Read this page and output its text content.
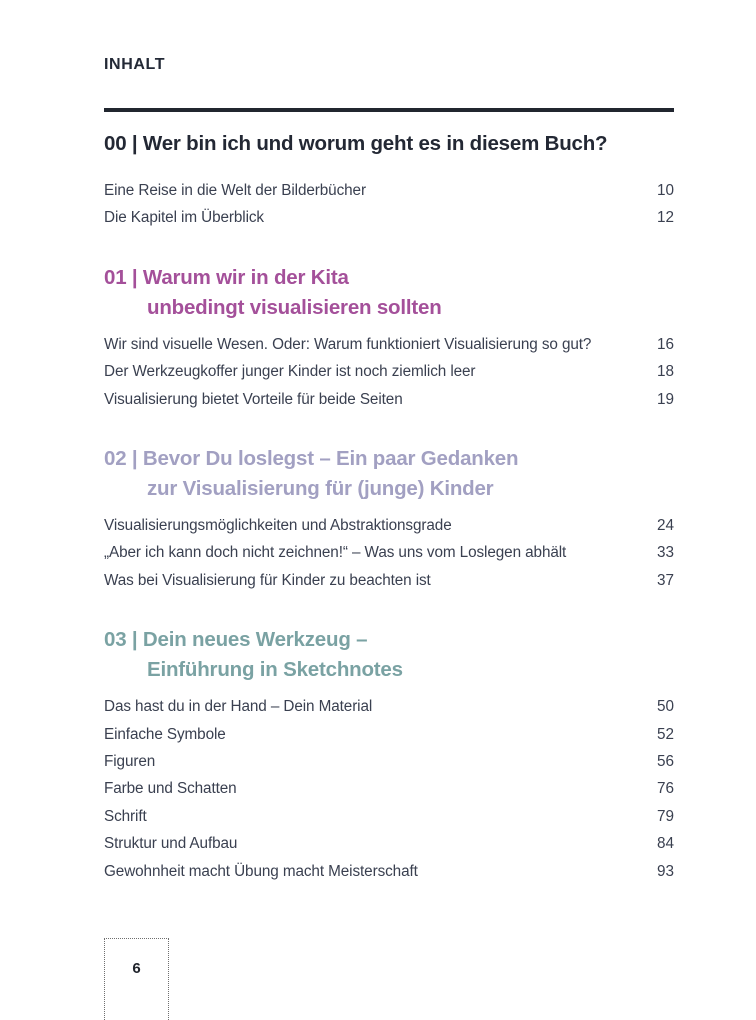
INHALT
00 | Wer bin ich und worum geht es in diesem Buch?
Eine Reise in die Welt der Bilderbücher	10
Die Kapitel im Überblick	12
01 | Warum wir in der Kita
unbedingt visualisieren sollten
Wir sind visuelle Wesen. Oder: Warum funktioniert Visualisierung so gut?	16
Der Werkzeugkoffer junger Kinder ist noch ziemlich leer	18
Visualisierung bietet Vorteile für beide Seiten	19
02 | Bevor Du loslegst – Ein paar Gedanken
zur Visualisierung für (junge) Kinder
Visualisierungsmöglichkeiten und Abstraktionsgrade	24
„Aber ich kann doch nicht zeichnen!“ – Was uns vom Loslegen abhält	33
Was bei Visualisierung für Kinder zu beachten ist	37
03 | Dein neues Werkzeug –
Einführung in Sketchnotes
Das hast du in der Hand – Dein Material	50
Einfache Symbole	52
Figuren	56
Farbe und Schatten	76
Schrift	79
Struktur und Aufbau	84
Gewohnheit macht Übung macht Meisterschaft	93
6
